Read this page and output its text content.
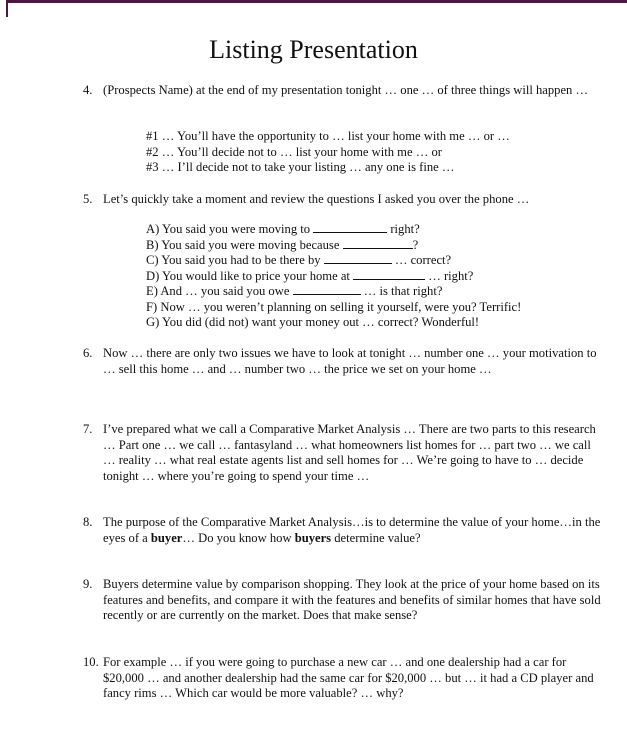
Listing Presentation
4. (Prospects Name) at the end of my presentation tonight … one … of three things will happen …
#1 … You’ll have the opportunity to … list your home with me … or …
#2 … You’ll decide not to … list your home with me … or
#3 … I’ll decide not to take your listing … any one is fine …
5. Let’s quickly take a moment and review the questions I asked you over the phone …
A) You said you were moving to	right?
B) You said you were moving because	?
C) You said you had to be there by	… correct?
D) You would like to price your home at	… right?
E) And … you said you owe	… is that right?
F) Now … you weren’t planning on selling it yourself, were you? Terrific!
G) You did (did not) want your money out … correct? Wonderful!
6. Now … there are only two issues we have to look at tonight … number one … your motivation to … sell this home … and … number two … the price we set on your home …
7. I’ve prepared what we call a Comparative Market Analysis … There are two parts to this research … Part one … we call … fantasyland … what homeowners list homes for … part two … we call … reality … what real estate agents list and sell homes for … We’re going to have to … decide tonight … where you’re going to spend your time …
8. The purpose of the Comparative Market Analysis…is to determine the value of your home…in the eyes of a buyer… Do you know how buyers determine value?
9. Buyers determine value by comparison shopping. They look at the price of your home based on its features and benefits, and compare it with the features and benefits of similar homes that have sold recently or are currently on the market. Does that make sense?
10. For example … if you were going to purchase a new car … and one dealership had a car for $20,000 … and another dealership had the same car for $20,000 … but … it had a CD player and fancy rims … Which car would be more valuable? … why?
